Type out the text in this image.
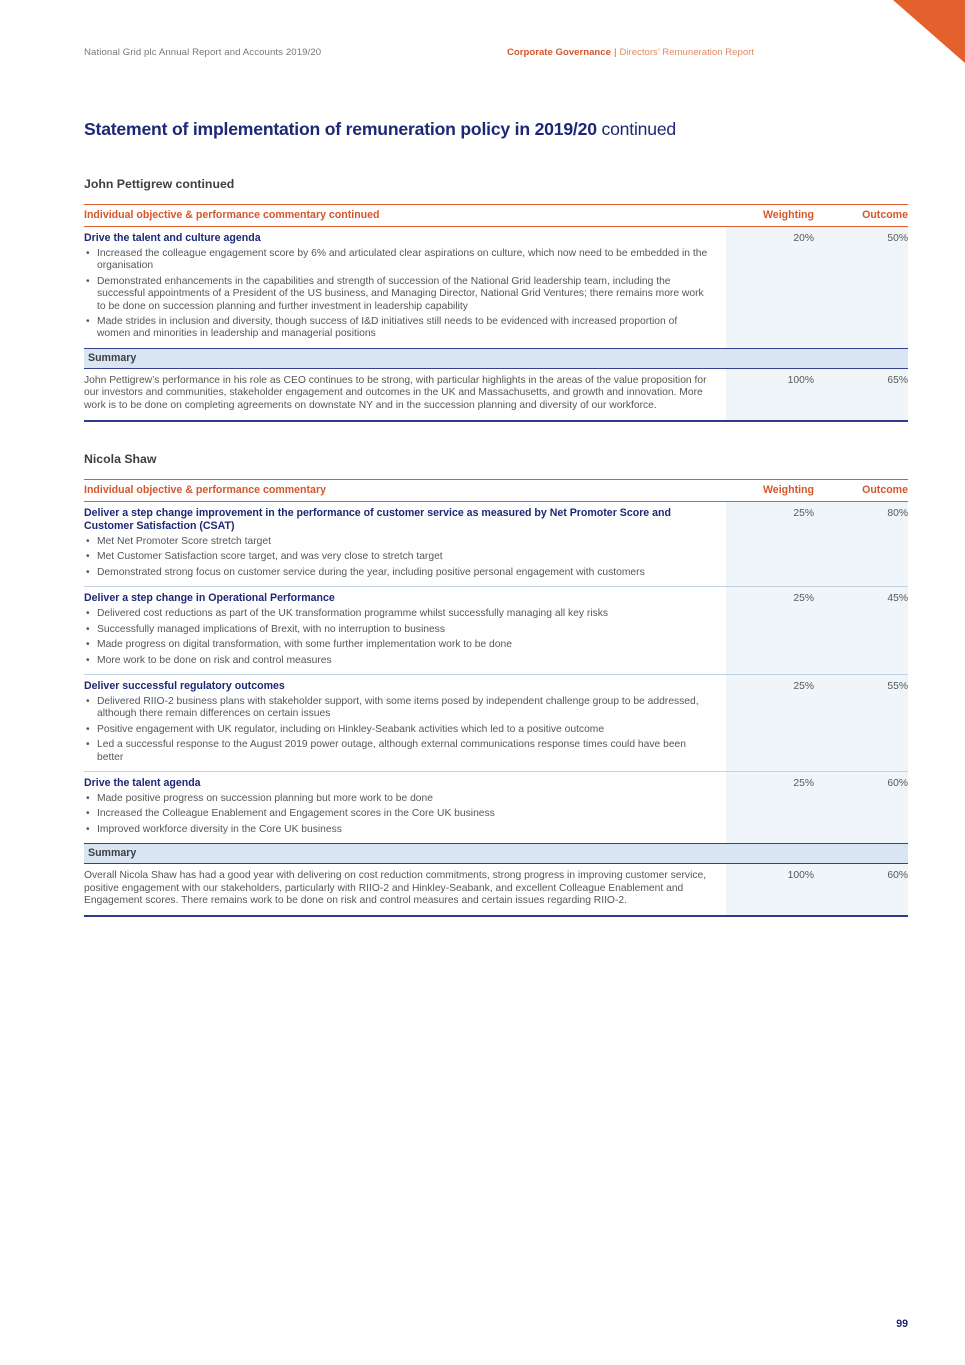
National Grid plc Annual Report and Accounts 2019/20	Corporate Governance | Directors’ Remuneration Report
Statement of implementation of remuneration policy in 2019/20 continued
John Pettigrew continued
Individual objective & performance commentary continued	Weighting	Outcome
Drive the talent and culture agenda
• Increased the colleague engagement score by 6% and articulated clear aspirations on culture, which now need to be embedded in the organisation
• Demonstrated enhancements in the capabilities and strength of succession of the National Grid leadership team, including the successful appointments of a President of the US business, and Managing Director, National Grid Ventures; there remains more work to be done on succession planning and further investment in leadership capability
• Made strides in inclusion and diversity, though success of I&D initiatives still needs to be evidenced with increased proportion of women and minorities in leadership and managerial positions
20%	50%
Summary
John Pettigrew’s performance in his role as CEO continues to be strong, with particular highlights in the areas of the value proposition for our investors and communities, stakeholder engagement and outcomes in the UK and Massachusetts, and growth and innovation. More work is to be done on completing agreements on downstate NY and in the succession planning and diversity of our workforce.
100%	65%
Nicola Shaw
Individual objective & performance commentary	Weighting	Outcome
Deliver a step change improvement in the performance of customer service as measured by Net Promoter Score and Customer Satisfaction (CSAT)
• Met Net Promoter Score stretch target
• Met Customer Satisfaction score target, and was very close to stretch target
• Demonstrated strong focus on customer service during the year, including positive personal engagement with customers
25%	80%
Deliver a step change in Operational Performance
• Delivered cost reductions as part of the UK transformation programme whilst successfully managing all key risks
• Successfully managed implications of Brexit, with no interruption to business
• Made progress on digital transformation, with some further implementation work to be done
• More work to be done on risk and control measures
25%	45%
Deliver successful regulatory outcomes
• Delivered RIIO-2 business plans with stakeholder support, with some items posed by independent challenge group to be addressed, although there remain differences on certain issues
• Positive engagement with UK regulator, including on Hinkley-Seabank activities which led to a positive outcome
• Led a successful response to the August 2019 power outage, although external communications response times could have been better
25%	55%
Drive the talent agenda
• Made positive progress on succession planning but more work to be done
• Increased the Colleague Enablement and Engagement scores in the Core UK business
• Improved workforce diversity in the Core UK business
25%	60%
Summary
Overall Nicola Shaw has had a good year with delivering on cost reduction commitments, strong progress in improving customer service, positive engagement with our stakeholders, particularly with RIIO-2 and Hinkley-Seabank, and excellent Colleague Enablement and Engagement scores. There remains work to be done on risk and control measures and certain issues regarding RIIO-2.
100%	60%
99
